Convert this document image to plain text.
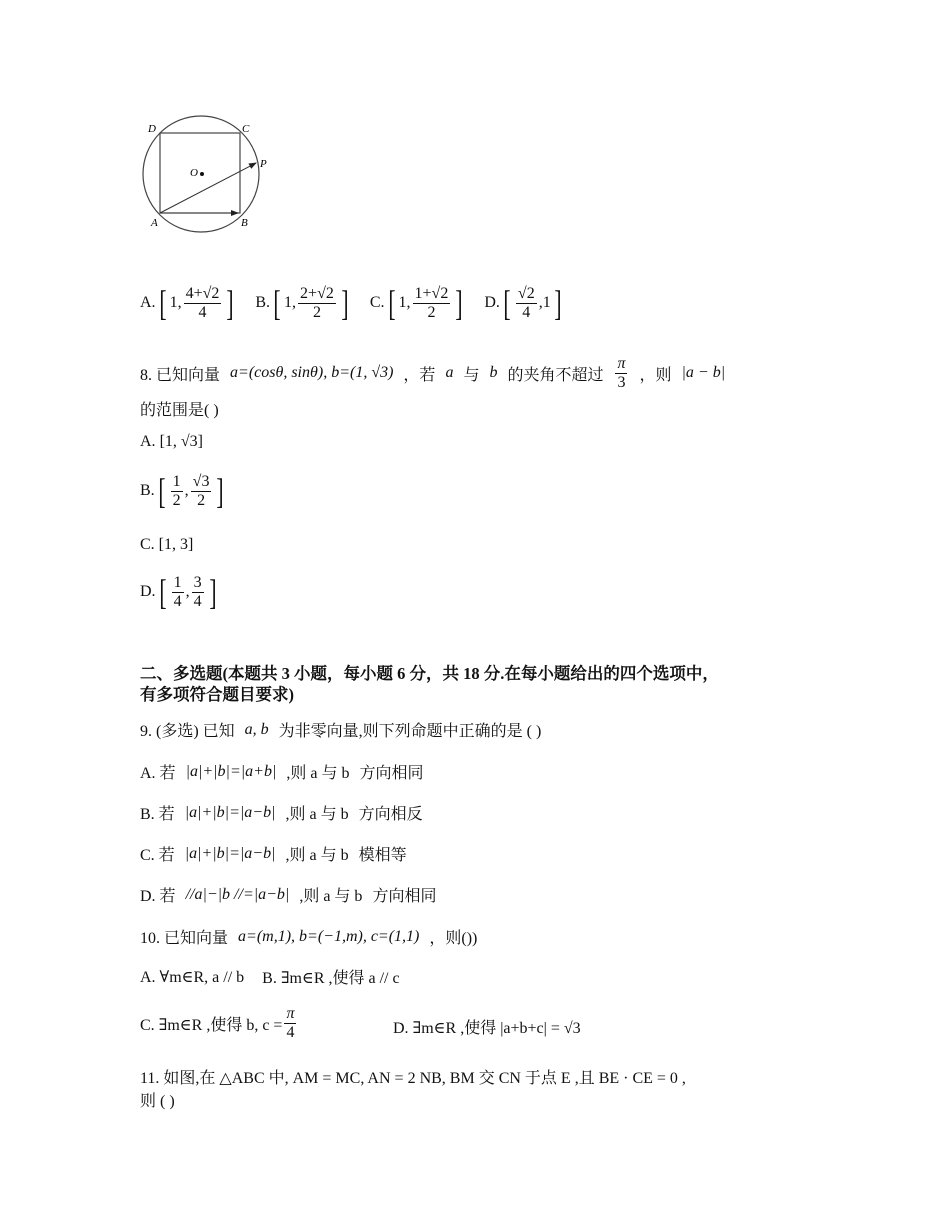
D	C
P
O
A	B
A. [ 1, $\frac{4+√2}{4}$ ] B. [ 1, $\frac{2+√2}{2}$ ] C. [ 1, $\frac{1+√2}{2}$ ] D. [ $\frac{√2}{4} ,1$ ]
8. 已知向量 a=(cosθ, sinθ), b=(1, √3) ，若 a 与 b 的夹角不超过 $\frac{\pi}{3}$ ，则 |a − b|
的范围是( )
A.
[1, √3]
B. [ $\frac{1}{2}$ , $\frac{√3}{2}$ ]
C.
[1, 3]
D. [ $\frac{1}{4}$ , $\frac{3}{4}$ ]
二、多选题(本题共 3 小题，每小题 6 分，共 18 分.在每小题给出的四个选项中，
有多项符合题目要求)
9. (多选) 已知 a, b 为非零向量,则下列命题中正确的是 ( )
A. 若 |a|+|b|=|a+b| ,则 a 与 b 方向相同
B. 若 |a|+|b|=|a−b| ,则 a 与 b 方向相反
C. 若 |a|+|b|=|a−b| ,则 a 与 b 模相等
D. 若 //a|−|b //=|a−b| ,则 a 与 b 方向相同
10. 已知向量 a=(m,1), b=(−1,m), c=(1,1) ，则())
A. ∀m∈R, a // b B. ∃m∈R ,使得 a // c
C. ∃m∈R ,使得 b, $c = \frac{\pi}{4}$	D. ∃m∈R ,使得 |a+b+c| = √3
11. 如图,在 △ABC 中, AM = MC, AN = 2 NB, BM 交 CN 于点 E ,且 BE · CE = 0 ,
则 ( )
